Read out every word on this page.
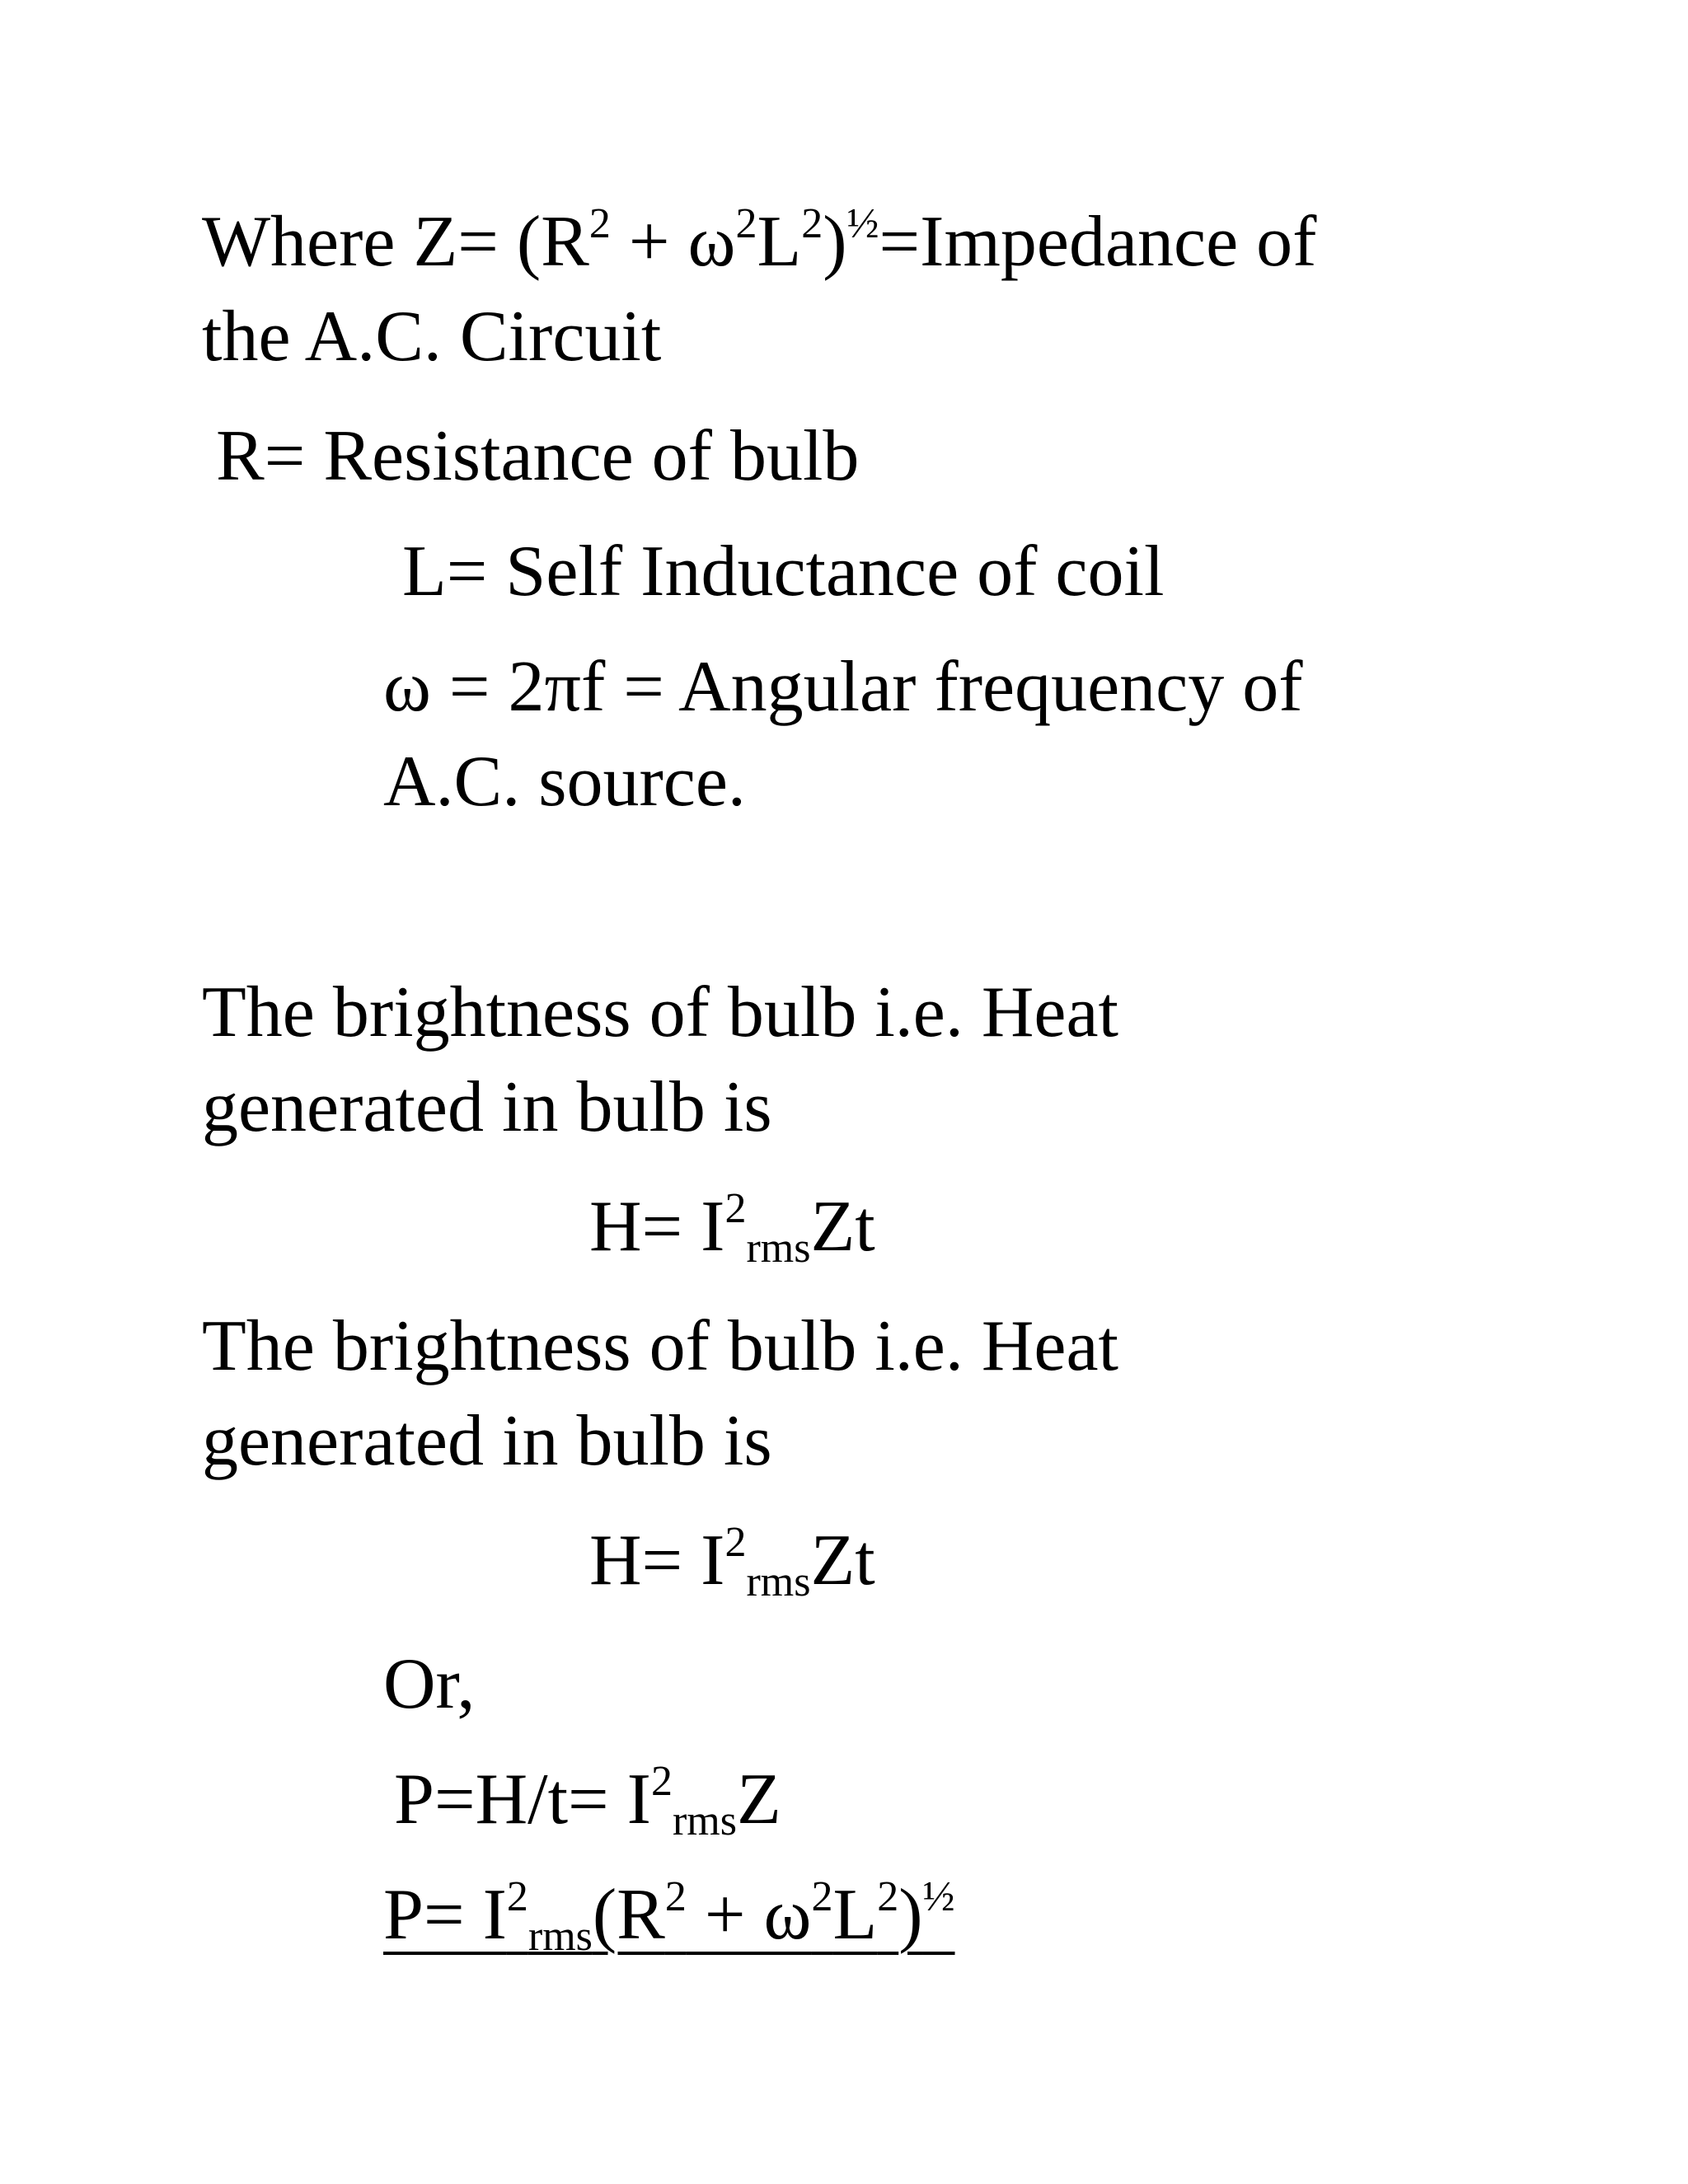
Where $Z= (R^2$ + $\omega^2L^2)^{\frac{1}{2}}=Impedance$ of
the A.C. Circuit
R= Resistance of bulb
L= Self Inductance of coil
ω = 2πf = Angular frequency of
A.C. source.
The brightness of bulb i.e. Heat
generated in bulb is
$H= I^2rmsZt$
The brightness of bulb i.e. Heat
generated in bulb is
$H= I^2rmsZt$
Or,
$P=H/t= I^2rmsZ$
$P= I^2rms(R^2 + \omega^2L^2)^{\frac{1}{2}}$
